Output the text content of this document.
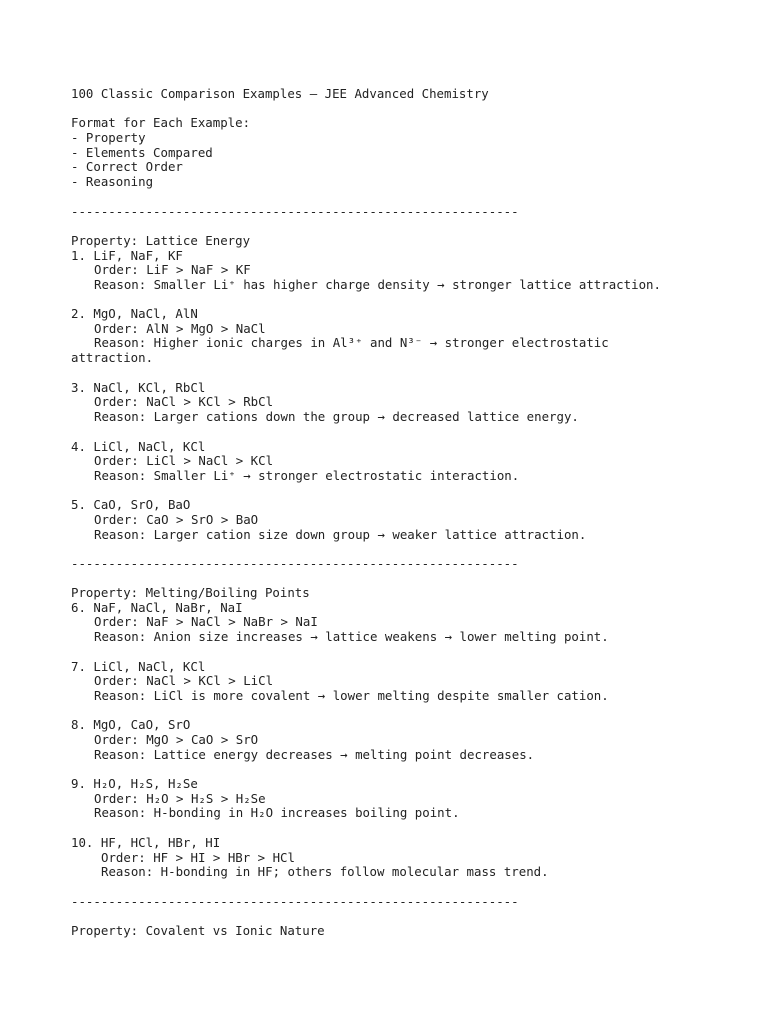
100 Classic Comparison Examples – JEE Advanced Chemistry
Format for Each Example:
- Property
- Elements Compared
- Correct Order
- Reasoning
------------------------------------------------------------
Property: Lattice Energy
1. LiF, NaF, KF
Order: LiF > NaF > KF
Reason: Smaller Li⁺ has higher charge density → stronger lattice attraction.
2. MgO, NaCl, AlN
Order: AlN > MgO > NaCl
Reason: Higher ionic charges in Al³⁺ and N³⁻ → stronger electrostatic
attraction.
3. NaCl, KCl, RbCl
Order: NaCl > KCl > RbCl
Reason: Larger cations down the group → decreased lattice energy.
4. LiCl, NaCl, KCl
Order: LiCl > NaCl > KCl
Reason: Smaller Li⁺ → stronger electrostatic interaction.
5. CaO, SrO, BaO
Order: CaO > SrO > BaO
Reason: Larger cation size down group → weaker lattice attraction.
------------------------------------------------------------
Property: Melting/Boiling Points
6. NaF, NaCl, NaBr, NaI
Order: NaF > NaCl > NaBr > NaI
Reason: Anion size increases → lattice weakens → lower melting point.
7. LiCl, NaCl, KCl
Order: NaCl > KCl > LiCl
Reason: LiCl is more covalent → lower melting despite smaller cation.
8. MgO, CaO, SrO
Order: MgO > CaO > SrO
Reason: Lattice energy decreases → melting point decreases.
9. H₂O, H₂S, H₂Se
Order: H₂O > H₂S > H₂Se
Reason: H-bonding in H₂O increases boiling point.
10. HF, HCl, HBr, HI
Order: HF > HI > HBr > HCl
Reason: H-bonding in HF; others follow molecular mass trend.
------------------------------------------------------------
Property: Covalent vs Ionic Nature
